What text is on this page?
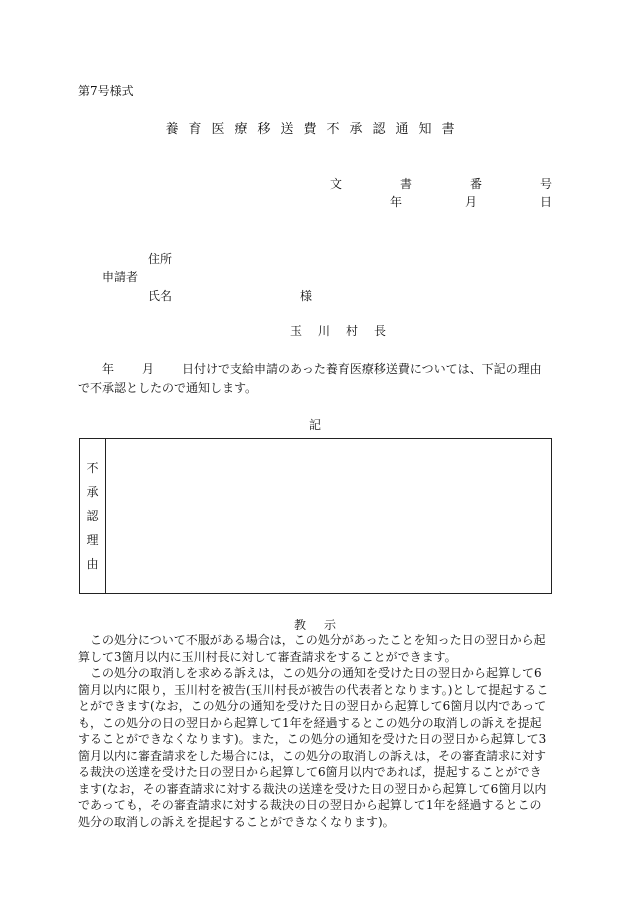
第7号様式
養育医療移送費不承認通知書
文	書	番	号
年	月	日
住所
申請者
氏名	様
玉 川 村 長
年 月 日付けで支給申請のあった養育医療移送費については、下記の理由で不承認としたので通知します。
記
不
承
認
理
由
教示

この処分について不服がある場合は，この処分があったことを知った日の翌日から起算して3箇月以内に玉川村長に対して審査請求をすることができます。

この処分の取消しを求める訴えは，この処分の通知を受けた日の翌日から起算して6箇月以内に限り，玉川村を被告(玉川村長が被告の代表者となります。)として提起することができます(なお，この処分の通知を受けた日の翌日から起算して6箇月以内であっても，この処分の日の翌日から起算して1年を経過するとこの処分の取消しの訴えを提起することができなくなります)。また，この処分の通知を受けた日の翌日から起算して3箇月以内に審査請求をした場合には，この処分の取消しの訴えは，その審査請求に対する裁決の送達を受けた日の翌日から起算して6箇月以内であれば，提起することができます(なお，その審査請求に対する裁決の送達を受けた日の翌日から起算して6箇月以内であっても，その審査請求に対する裁決の日の翌日から起算して1年を経過するとこの処分の取消しの訴えを提起することができなくなります)。
